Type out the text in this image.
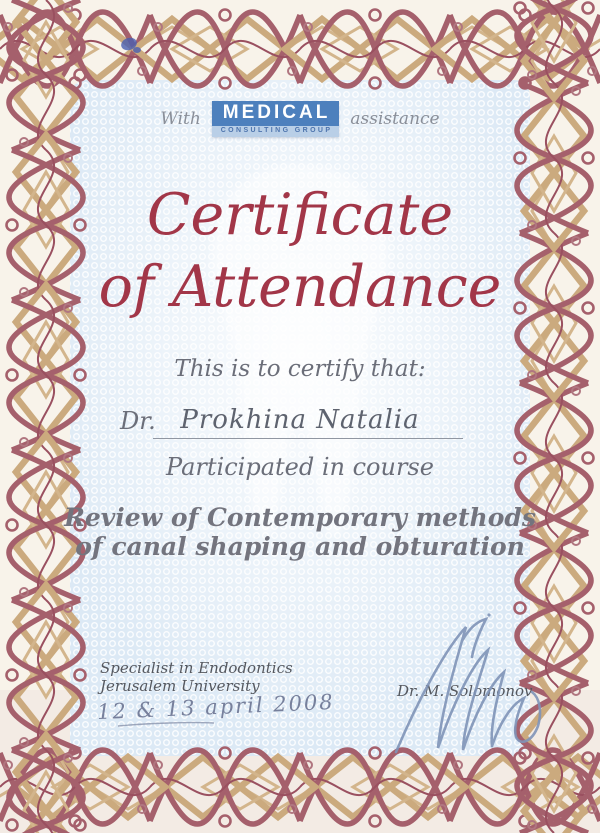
With	MEDICAL
CONSULTING GROUP
assistance
Certificate
of Attendance
This is to certify that:
Dr. Prokhina Natalia
Participated in course
Review of Contemporary methods
of canal shaping and obturation
Specialist in Endodontics
Jerusalem University
12 & 13 april 2008	Dr. M. Solomonov
